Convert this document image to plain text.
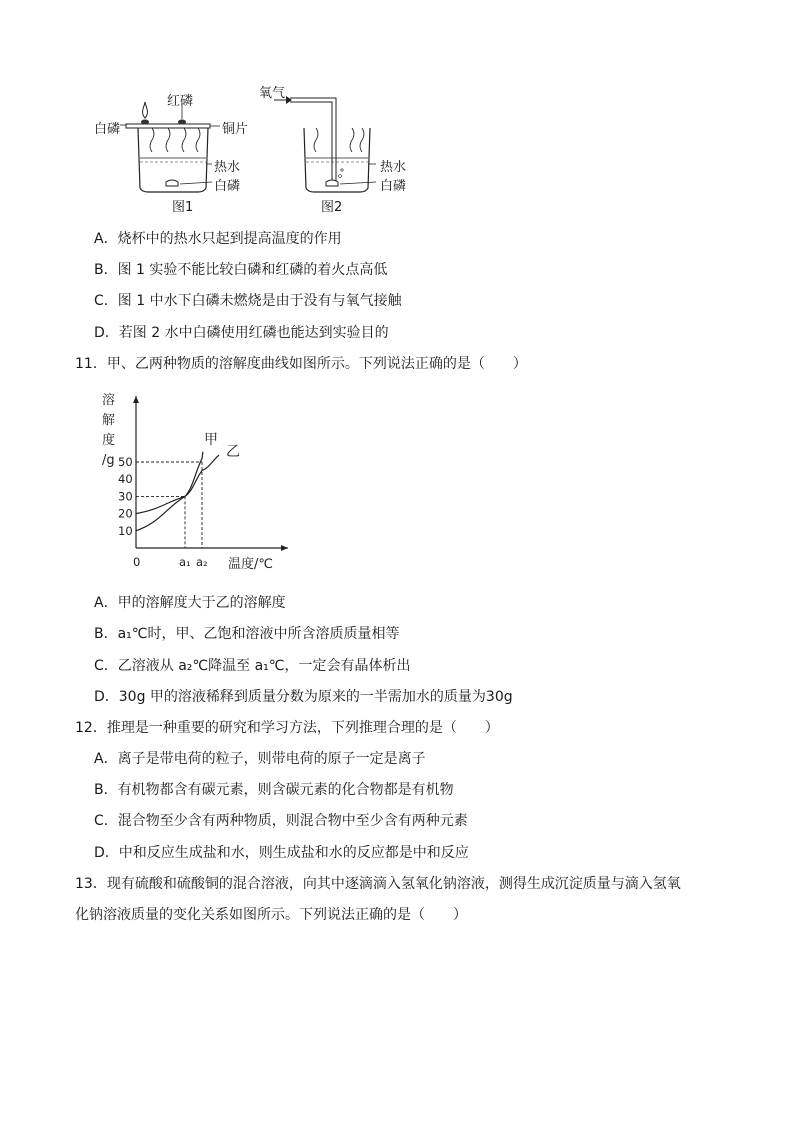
红磷
白磷	铜片
热水
白磷
图1
氧气
热水
白磷
图2
A．烧杯中的热水只起到提高温度的作用
B．图 1 实验不能比较白磷和红磷的着火点高低
C．图 1 中水下白磷未燃烧是由于没有与氧气接触
D．若图 2 水中白磷使用红磷也能达到实验目的
11．甲、乙两种物质的溶解度曲线如图所示。下列说法正确的是（　　）
溶
解
度
/g
10
20
30
40
50
0	a₁ a₂ 温度/℃
甲
乙
A．甲的溶解度大于乙的溶解度
B．a₁℃时，甲、乙饱和溶液中所含溶质质量相等
C．乙溶液从 a₂℃降温至 a₁℃，一定会有晶体析出
D．30g 甲的溶液稀释到质量分数为原来的一半需加水的质量为30g
12．推理是一种重要的研究和学习方法，下列推理合理的是（　　）
A．离子是带电荷的粒子，则带电荷的原子一定是离子
B．有机物都含有碳元素，则含碳元素的化合物都是有机物
C．混合物至少含有两种物质，则混合物中至少含有两种元素
D．中和反应生成盐和水，则生成盐和水的反应都是中和反应
13．现有硫酸和硫酸铜的混合溶液，向其中逐滴滴入氢氧化钠溶液，测得生成沉淀质量与滴入氢氧
化钠溶液质量的变化关系如图所示。下列说法正确的是（　　）
